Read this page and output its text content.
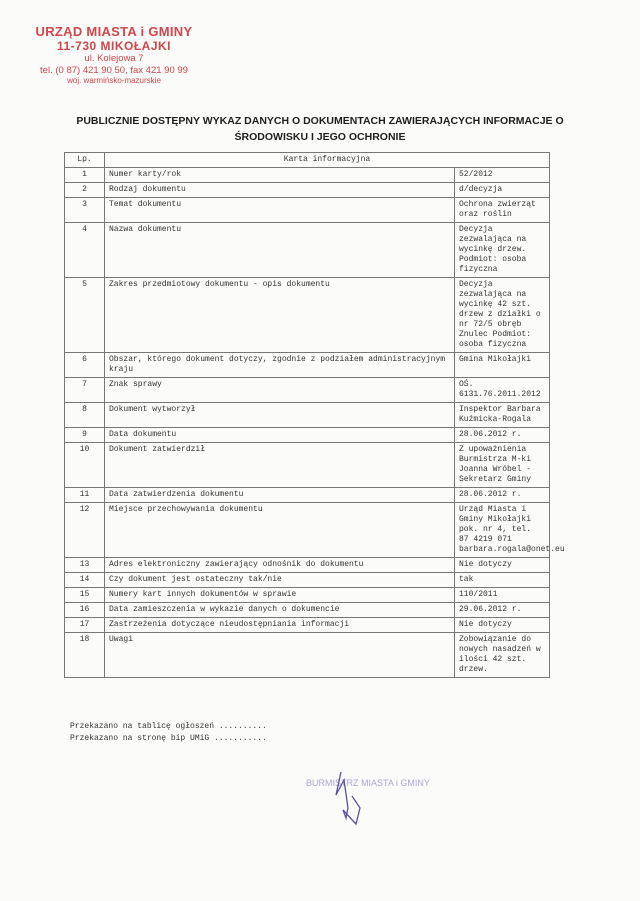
URZĄD MIASTA i GMINY
11-730 MIKOŁAJKI
ul. Kolejowa 7
tel. (0 87) 421 90 50, fax 421 90 99
woj. warmińsko-mazurskie
PUBLICZNIE DOSTĘPNY WYKAZ DANYCH O DOKUMENTACH ZAWIERAJĄCYCH INFORMACJE O
ŚRODOWISKU I JEGO OCHRONIE
Lp.	Karta informacyjna	
1	Numer karty/rok	52/2012
2	Rodzaj dokumentu	d/decyzja
3	Temat dokumentu	Ochrona zwierząt oraz roślin
4	Nazwa dokumentu	Decyzja zezwalająca na wycinkę drzew. Podmiot: osoba fizyczna
5	Zakres przedmiotowy dokumentu - opis dokumentu	Decyzja zezwalająca na wycinkę 42 szt. drzew z działki o nr 72/5 obręb Znulec Podmiot: osoba fizyczna
6	Obszar, którego dokument dotyczy, zgodnie z podziałem administracyjnym kraju	Gmina Mikołajki
7	Znak sprawy	OŚ. 6131.76.2011.2012
8	Dokument wytworzył	Inspektor Barbara Kuźmicka-Rogala
9	Data dokumentu	28.06.2012 r.
10	Dokument zatwierdził	Z upoważnienia Burmistrza M-ki Joanna Wróbel - Sekretarz Gminy
11	Data zatwierdzenia dokumentu	28.06.2012 r.
12	Miejsce przechowywania dokumentu	Urząd Miasta i Gminy Mikołajki pok. nr 4, tel. 87 4219 071 barbara.rogala@onet.eu
13	Adres elektroniczny zawierający odnośnik do dokumentu	Nie dotyczy
14	Czy dokument jest ostateczny tak/nie	tak
15	Numery kart innych dokumentów w sprawie	110/2011
16	Data zamieszczenia w wykazie danych o dokumencie	29.06.2012 r.
17	Zastrzeżenia dotyczące nieudostępniania informacji	Nie dotyczy
18	Uwagi	Zobowiązanie do nowych nasadzeń w ilości 42 szt. drzew.
Przekazano na tablicę ogłoszeń ..........
Przekazano na stronę bip UMiG ...........
BURMISTRZ MIASTA i GMINY
